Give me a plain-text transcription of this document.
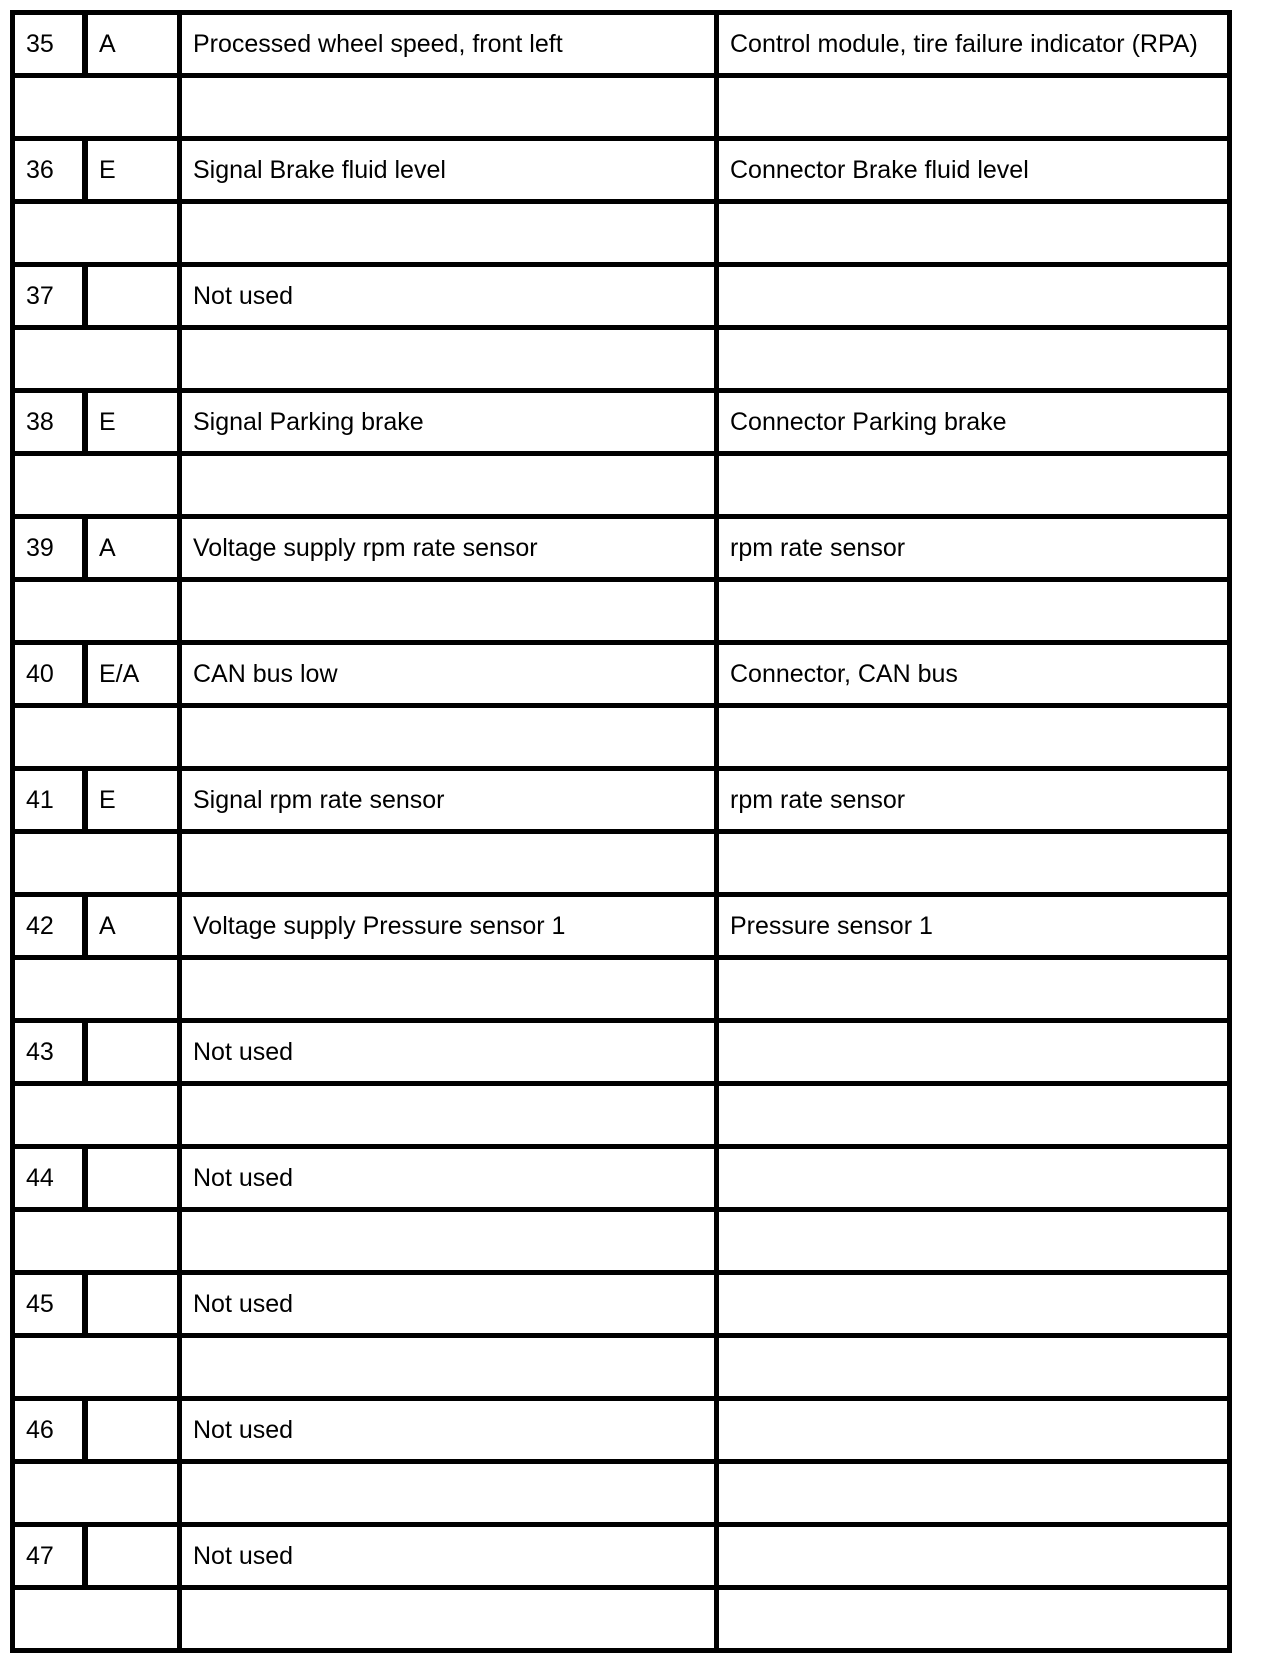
35	A	Processed wheel speed, front left	Control module, tire failure indicator (RPA)

36	E	Signal Brake fluid level	Connector Brake fluid level

37		Not used	

38	E	Signal Parking brake	Connector Parking brake

39	A	Voltage supply rpm rate sensor	rpm rate sensor

40	E/A	CAN bus low	Connector, CAN bus

41	E	Signal rpm rate sensor	rpm rate sensor

42	A	Voltage supply Pressure sensor 1	Pressure sensor 1

43		Not used	

44		Not used	

45		Not used	

46		Not used	

47		Not used	
